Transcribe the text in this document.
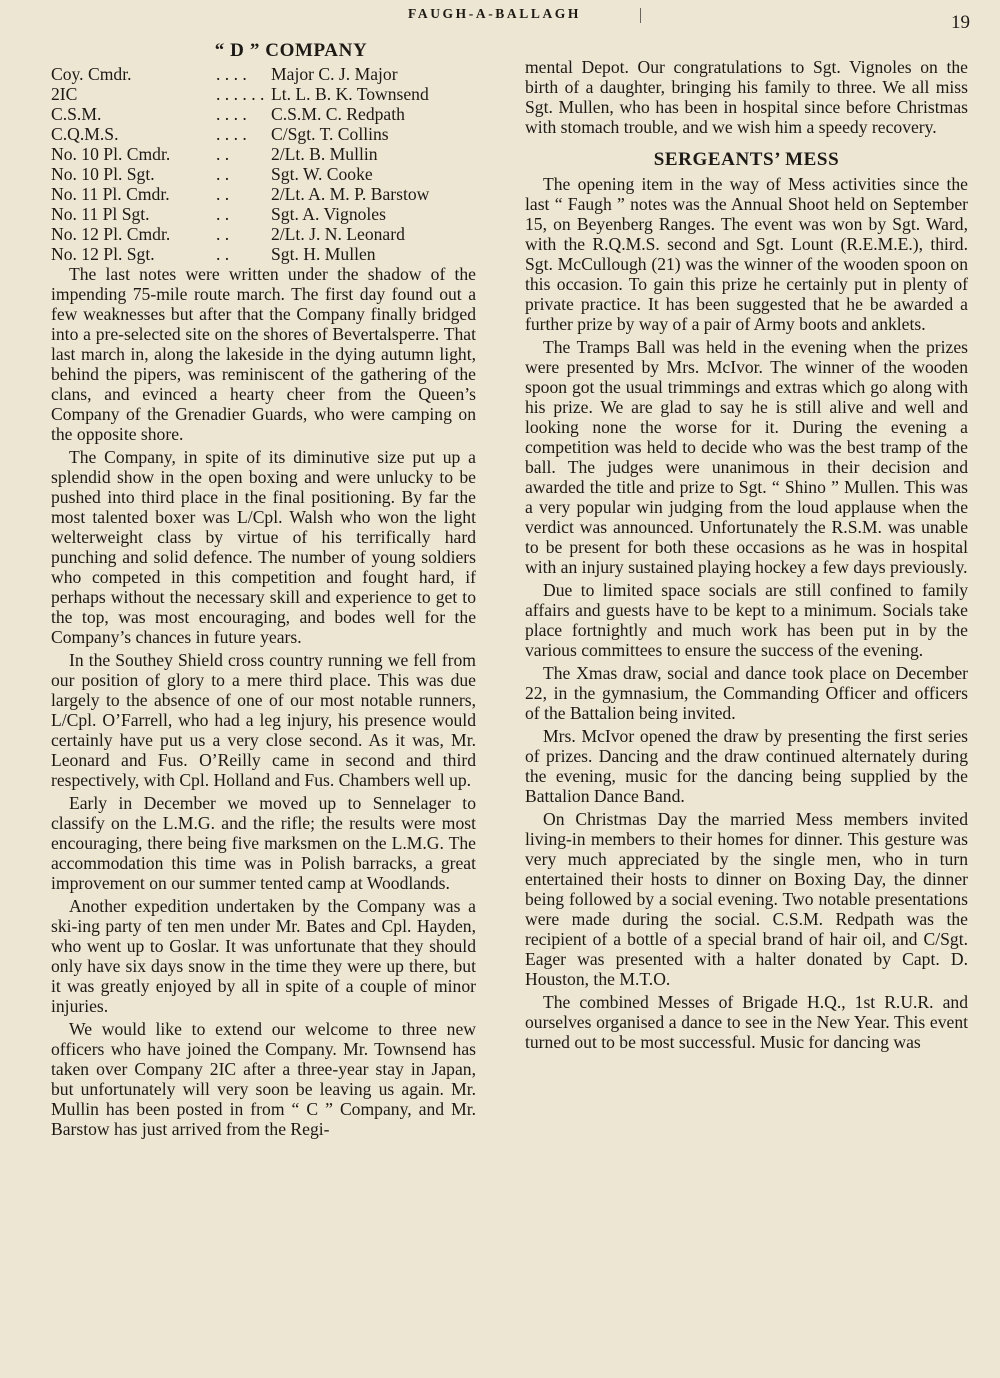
FAUGH-A-BALLAGH	19
“ D ” COMPANY
Coy. Cmdr.	. . . .	Major C. J. Major
2IC	. . . . . .	Lt. L. B. K. Townsend
C.S.M.	. . . .	C.S.M. C. Redpath
C.Q.M.S.	. . . .	C/Sgt. T. Collins
No. 10 Pl. Cmdr.	. .	2/Lt. B. Mullin
No. 10 Pl. Sgt.	. .	Sgt. W. Cooke
No. 11 Pl. Cmdr.	. .	2/Lt. A. M. P. Barstow
No. 11 Pl Sgt.	. .	Sgt. A. Vignoles
No. 12 Pl. Cmdr.	. .	2/Lt. J. N. Leonard
No. 12 Pl. Sgt.	. .	Sgt. H. Mullen

The last notes were written under the shadow of the impending 75-mile route march. The first day found out a few weaknesses but after that the Company finally bridged into a pre-selected site on the shores of Bevertalsperre. That last march in, along the lakeside in the dying autumn light, behind the pipers, was reminiscent of the gathering of the clans, and evinced a hearty cheer from the Queen’s Company of the Grenadier Guards, who were camping on the opposite shore.

The Company, in spite of its diminutive size put up a splendid show in the open boxing and were unlucky to be pushed into third place in the final positioning. By far the most talented boxer was L/Cpl. Walsh who won the light welterweight class by virtue of his terrifically hard punching and solid defence. The number of young soldiers who competed in this competition and fought hard, if perhaps without the necessary skill and experience to get to the top, was most encouraging, and bodes well for the Company’s chances in future years.

In the Southey Shield cross country running we fell from our position of glory to a mere third place. This was due largely to the absence of one of our most notable runners, L/Cpl. O’Farrell, who had a leg injury, his presence would certainly have put us a very close second. As it was, Mr. Leonard and Fus. O’Reilly came in second and third respectively, with Cpl. Holland and Fus. Chambers well up.

Early in December we moved up to Sennelager to classify on the L.M.G. and the rifle; the results were most encouraging, there being five marksmen on the L.M.G. The accommodation this time was in Polish barracks, a great improvement on our summer tented camp at Woodlands.

Another expedition undertaken by the Company was a ski-ing party of ten men under Mr. Bates and Cpl. Hayden, who went up to Goslar. It was unfortunate that they should only have six days snow in the time they were up there, but it was greatly enjoyed by all in spite of a couple of minor injuries.

We would like to extend our welcome to three new officers who have joined the Company. Mr. Townsend has taken over Company 2IC after a three-year stay in Japan, but unfortunately will very soon be leaving us again. Mr. Mullin has been posted in from “ C ” Company, and Mr. Barstow has just arrived from the Regi-

mental Depot. Our congratulations to Sgt. Vignoles on the birth of a daughter, bringing his family to three. We all miss Sgt. Mullen, who has been in hospital since before Christmas with stomach trouble, and we wish him a speedy recovery.

SERGEANTS’ MESS

The opening item in the way of Mess activities since the last “ Faugh ” notes was the Annual Shoot held on September 15, on Beyenberg Ranges. The event was won by Sgt. Ward, with the R.Q.M.S. second and Sgt. Lount (R.E.M.E.), third. Sgt. McCullough (21) was the winner of the wooden spoon on this occasion. To gain this prize he certainly put in plenty of private practice. It has been suggested that he be awarded a further prize by way of a pair of Army boots and anklets.

The Tramps Ball was held in the evening when the prizes were presented by Mrs. McIvor. The winner of the wooden spoon got the usual trimmings and extras which go along with his prize. We are glad to say he is still alive and well and looking none the worse for it. During the evening a competition was held to decide who was the best tramp of the ball. The judges were unanimous in their decision and awarded the title and prize to Sgt. “ Shino ” Mullen. This was a very popular win judging from the loud applause when the verdict was announced. Unfortunately the R.S.M. was unable to be present for both these occasions as he was in hospital with an injury sustained playing hockey a few days previously.

Due to limited space socials are still confined to family affairs and guests have to be kept to a minimum. Socials take place fortnightly and much work has been put in by the various committees to ensure the success of the evening.

The Xmas draw, social and dance took place on December 22, in the gymnasium, the Commanding Officer and officers of the Battalion being invited.

Mrs. McIvor opened the draw by presenting the first series of prizes. Dancing and the draw continued alternately during the evening, music for the dancing being supplied by the Battalion Dance Band.

On Christmas Day the married Mess members invited living-in members to their homes for dinner. This gesture was very much appreciated by the single men, who in turn entertained their hosts to dinner on Boxing Day, the dinner being followed by a social evening. Two notable presentations were made during the social. C.S.M. Redpath was the recipient of a bottle of a special brand of hair oil, and C/Sgt. Eager was presented with a halter donated by Capt. D. Houston, the M.T.O.

The combined Messes of Brigade H.Q., 1st R.U.R. and ourselves organised a dance to see in the New Year. This event turned out to be most successful. Music for dancing was
